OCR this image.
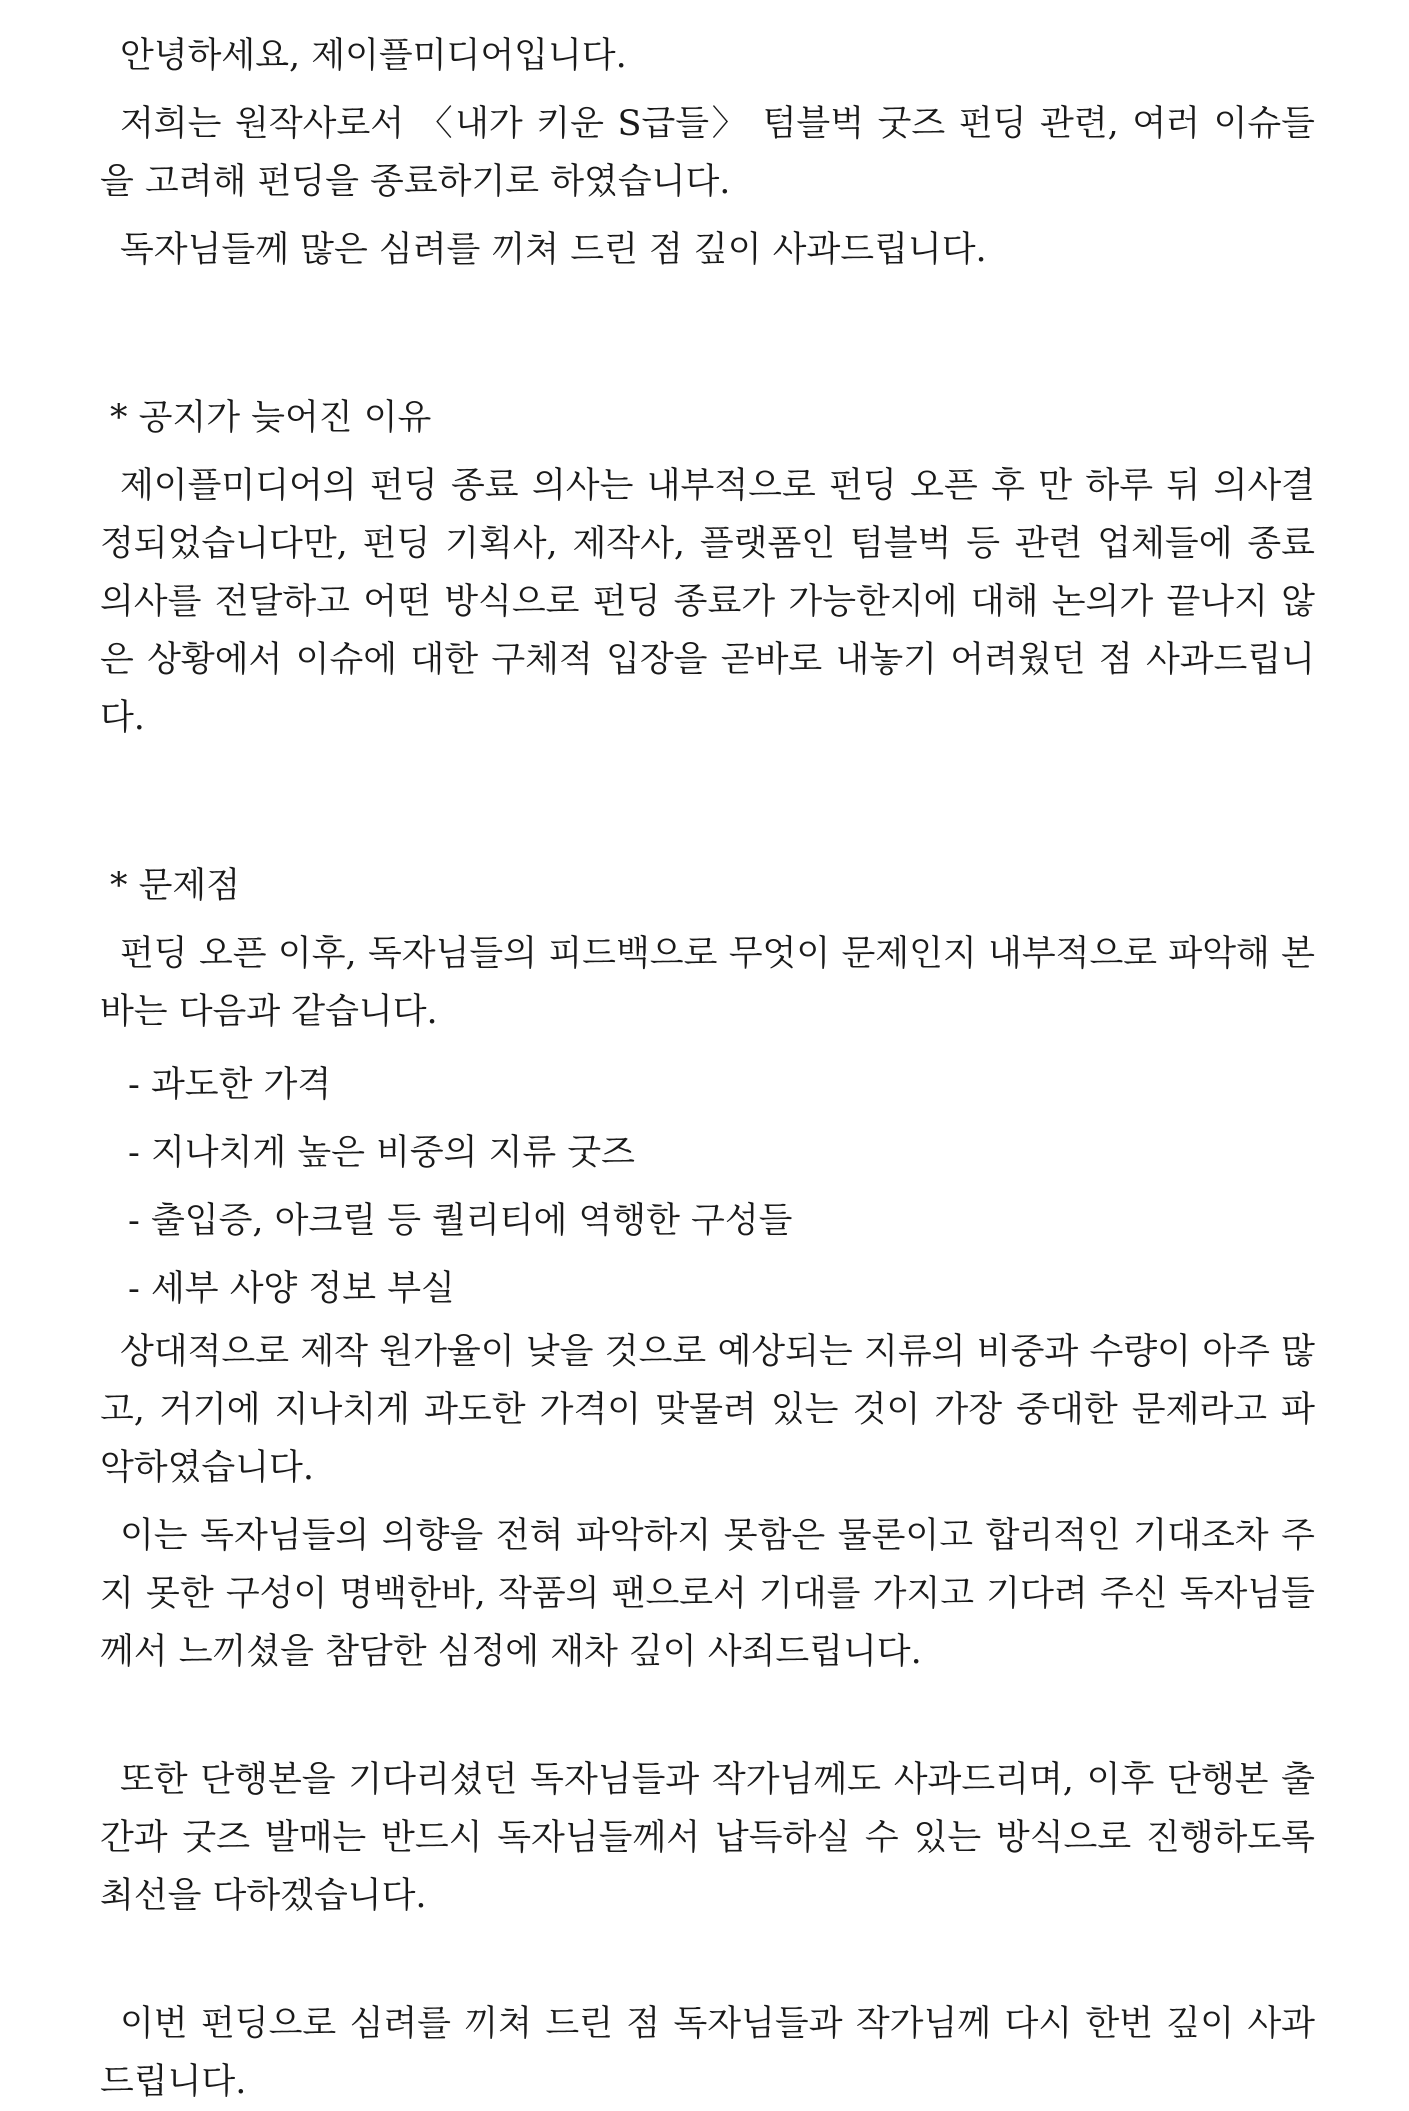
안녕하세요, 제이플미디어입니다.

저희는 원작사로서 〈내가 키운 S급들〉 텀블벅 굿즈 펀딩 관련, 여러 이슈들을 고려해 펀딩을 종료하기로 하였습니다.

독자님들께 많은 심려를 끼쳐 드린 점 깊이 사과드립니다.

* 공지가 늦어진 이유

제이플미디어의 펀딩 종료 의사는 내부적으로 펀딩 오픈 후 만 하루 뒤 의사결정되었습니다만, 펀딩 기획사, 제작사, 플랫폼인 텀블벅 등 관련 업체들에 종료 의사를 전달하고 어떤 방식으로 펀딩 종료가 가능한지에 대해 논의가 끝나지 않은 상황에서 이슈에 대한 구체적 입장을 곧바로 내놓기 어려웠던 점 사과드립니다.

* 문제점

펀딩 오픈 이후, 독자님들의 피드백으로 무엇이 문제인지 내부적으로 파악해 본 바는 다음과 같습니다.

- 과도한 가격

- 지나치게 높은 비중의 지류 굿즈

- 출입증, 아크릴 등 퀄리티에 역행한 구성들

- 세부 사양 정보 부실

상대적으로 제작 원가율이 낮을 것으로 예상되는 지류의 비중과 수량이 아주 많고, 거기에 지나치게 과도한 가격이 맞물려 있는 것이 가장 중대한 문제라고 파악하였습니다.

이는 독자님들의 의향을 전혀 파악하지 못함은 물론이고 합리적인 기대조차 주지 못한 구성이 명백한바, 작품의 팬으로서 기대를 가지고 기다려 주신 독자님들께서 느끼셨을 참담한 심정에 재차 깊이 사죄드립니다.

또한 단행본을 기다리셨던 독자님들과 작가님께도 사과드리며, 이후 단행본 출간과 굿즈 발매는 반드시 독자님들께서 납득하실 수 있는 방식으로 진행하도록 최선을 다하겠습니다.

이번 펀딩으로 심려를 끼쳐 드린 점 독자님들과 작가님께 다시 한번 깊이 사과드립니다.
